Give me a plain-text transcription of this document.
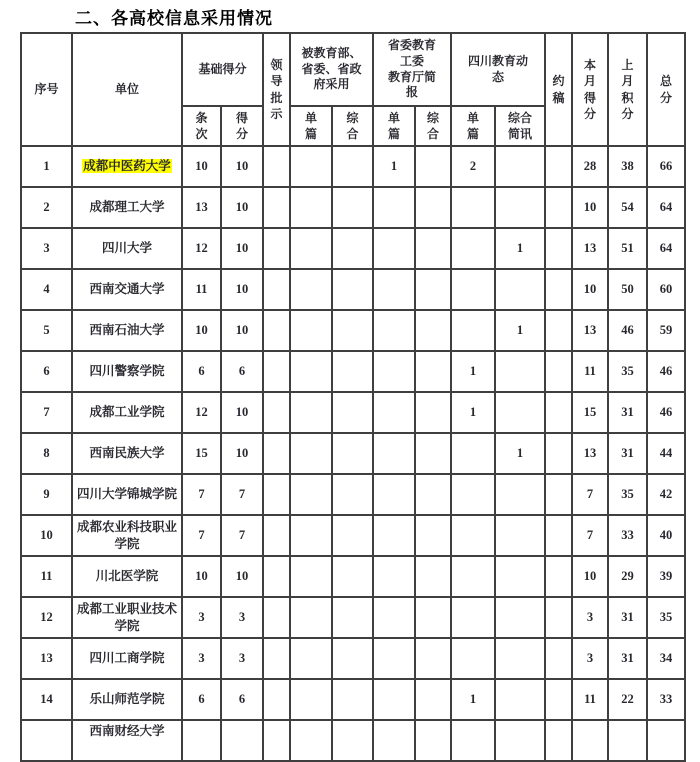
二、各高校信息采用情况
序号	单位	基础得分		领导批示	被教育部、省委、省政府采用		省委教育工委教育厅简报		四川教育动态		约稿	本月得分	上月积分	总分
		条次	得分		单篇	综合	单篇	综合	单篇	综合简讯				
1	成都中医药大学	10	10				1		2			28	38	66
2	成都理工大学	13	10									10	54	64
3	四川大学	12	10							1		13	51	64
4	西南交通大学	11	10									10	50	60
5	西南石油大学	10	10							1		13	46	59
6	四川警察学院	6	6						1			11	35	46
7	成都工业学院	12	10						1			15	31	46
8	西南民族大学	15	10							1		13	31	44
9	四川大学锦城学院	7	7									7	35	42
10	成都农业科技职业学院	7	7									7	33	40
11	川北医学院	10	10									10	29	39
12	成都工业职业技术学院	3	3									3	31	35
13	四川工商学院	3	3									3	31	34
14	乐山师范学院	6	6						1			11	22	33
	西南财经大学													
